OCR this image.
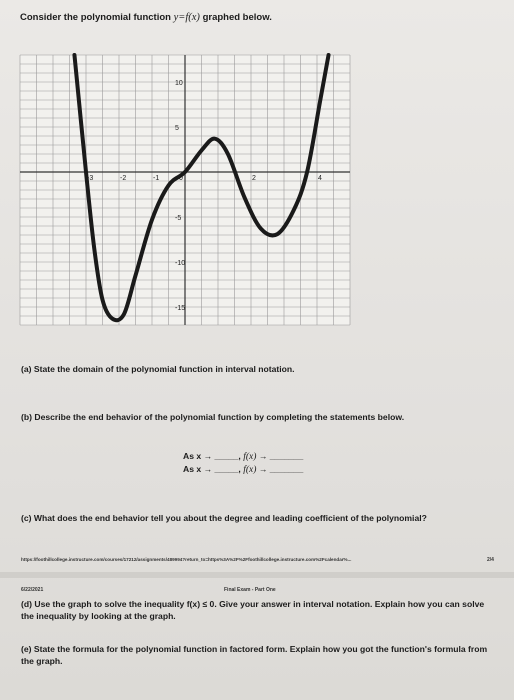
Consider the polynomial function y=f(x) graphed below.
-3	-2	-1	0	2	4
10
5
-5
-10
-15
(a) State the domain of the polynomial function in interval notation.
(b) Describe the end behavior of the polynomial function by completing the statements below.
As x → _____, f(x) → _______
As x → _____, f(x) → _______
(c) What does the end behavior tell you about the degree and leading coefficient of the polynomial?
https://foothillcollege.instructure.com/courses/17212/assignments/489994?return_to=https%3A%2F%2Ffoothillcollege.instructure.com%2Fcalendar%...	2/4
6/22/2021	Final Exam - Part One
(d) Use the graph to solve the inequality f(x) ≤ 0. Give your answer in interval notation. Explain how you can solve the inequality by looking at the graph.
(e) State the formula for the polynomial function in factored form. Explain how you got the function's formula from the graph.
